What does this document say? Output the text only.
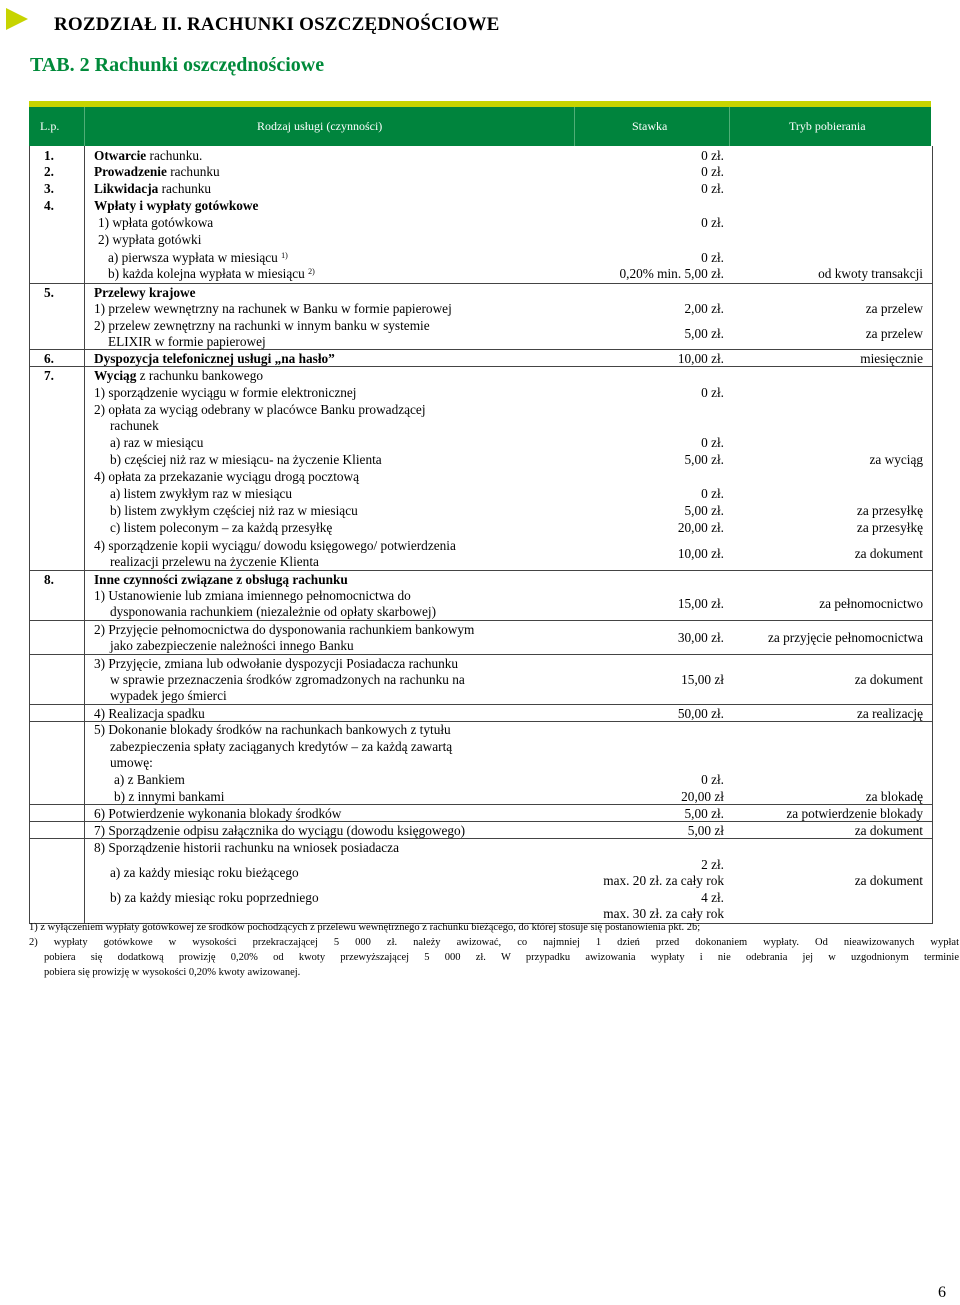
ROZDZIAŁ II. RACHUNKI OSZCZĘDNOŚCIOWE
TAB. 2 Rachunki oszczędnościowe
L.p.	Rodzaj usługi (czynności)	Stawka	Tryb pobierania
1.	Otwarcie rachunku.	0 zł.
2.	Prowadzenie rachunku	0 zł.
3.	Likwidacja rachunku	0 zł.
4.	Wpłaty i wypłaty gotówkowe
1) wpłata gotówkowa	0 zł.
2) wypłata gotówki
a) pierwsza wypłata w miesiącu $^{1)}$	0 zł.
b) każda kolejna wypłata w miesiącu $^{2)}$	0,20% min. 5,00 zł.	od kwoty transakcji
5.	Przelewy krajowe
1) przelew wewnętrzny na rachunek w Banku w formie papierowej	2,00 zł.	za przelew
2) przelew zewnętrzny na rachunki w innym banku w systemie
ELIXIR w formie papierowej
5,00 zł.	za przelew
6.	Dyspozycja telefonicznej usługi „na hasło”	10,00 zł.	miesięcznie
7.	Wyciąg z rachunku bankowego
1) sporządzenie wyciągu w formie elektronicznej	0 zł.
2) opłata za wyciąg odebrany w placówce Banku prowadzącej
rachunek
a) raz w miesiącu	0 zł.
b) częściej niż raz w miesiącu- na życzenie Klienta	5,00 zł.	za wyciąg
4) opłata za przekazanie wyciągu drogą pocztową
a) listem zwykłym raz w miesiącu	0 zł.
b) listem zwykłym częściej niż raz w miesiącu	5,00 zł.	za przesyłkę
c) listem poleconym – za każdą przesyłkę	20,00 zł.	za przesyłkę
4) sporządzenie kopii wyciągu/ dowodu księgowego/ potwierdzenia
realizacji przelewu na życzenie Klienta
10,00 zł.	za dokument
8.	Inne czynności związane z obsługą rachunku
1) Ustanowienie lub zmiana imiennego pełnomocnictwa do
dysponowania rachunkiem (niezależnie od opłaty skarbowej)
15,00 zł.	za pełnomocnictwo
2) Przyjęcie pełnomocnictwa do dysponowania rachunkiem bankowym
jako zabezpieczenie należności innego Banku
30,00 zł.	za przyjęcie pełnomocnictwa
3) Przyjęcie, zmiana lub odwołanie dyspozycji Posiadacza rachunku
w sprawie przeznaczenia środków zgromadzonych na rachunku na
wypadek jego śmierci
15,00 zł	za dokument
4) Realizacja spadku	50,00 zł.	za realizację
5) Dokonanie blokady środków na rachunkach bankowych z tytułu
zabezpieczenia spłaty zaciąganych kredytów – za każdą zawartą
umowę:
a) z Bankiem	0 zł.
b) z innymi bankami	20,00 zł	za blokadę
6) Potwierdzenie wykonania blokady środków	5,00 zł.	za potwierdzenie blokady
7) Sporządzenie odpisu załącznika do wyciągu (dowodu księgowego)	5,00 zł	za dokument
8) Sporządzenie historii rachunku na wniosek posiadacza
a) za każdy miesiąc roku bieżącego
2 zł.
max. 20 zł. za cały rok	za dokument
b) za każdy miesiąc roku poprzedniego	4 zł.
max. 30 zł. za cały rok
1) z wyłączeniem wypłaty gotówkowej ze środków pochodzących z przelewu wewnętrznego z rachunku bieżącego, do której stosuje się postanowienia pkt. 2b;
2) wypłaty gotówkowe w wysokości przekraczającej 5 000 zł. należy awizować, co najmniej 1 dzień przed dokonaniem wypłaty. Od nieawizowanych wypłat
pobiera się dodatkową prowizję 0,20% od kwoty przewyższającej 5 000 zł. W przypadku awizowania wypłaty i nie odebrania jej w uzgodnionym terminie
pobiera się prowizję w wysokości 0,20% kwoty awizowanej.
6
